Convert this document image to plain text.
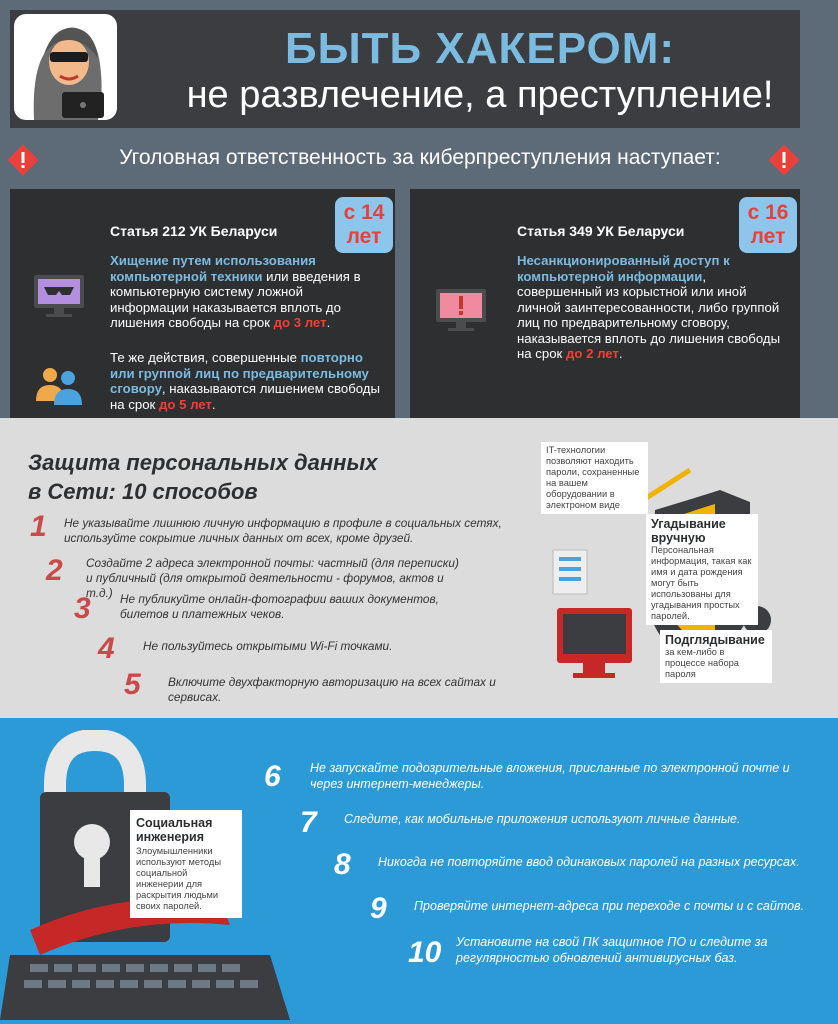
БЫТЬ ХАКЕРОМ:
не развлечение, а преступление!
Уголовная ответственность за киберпреступления наступает:
Статья 212 УК Беларуси
с 14
лет
Хищение путем использования компьютерной техники или введения в компьютерную систему ложной информации наказывается вплоть до лишения свободы на срок до 3 лет.
Те же действия, совершенные повторно или группой лиц по предварительному сговору, наказываются лишением свободы на срок до 5 лет.
Статья 349 УК Беларуси
с 16
лет
Несанкционированный доступ к компьютерной информации, совершенный из корыстной или иной личной заинтересованности, либо группой лиц по предварительному сговору, наказывается вплоть до лишения свободы на срок до 2 лет.
Защита персональных данных
в Сети: 10 способов
1 Не указывайте лишнюю личную информацию в профиле в социальных сетях, используйте сокрытие личных данных от всех, кроме друзей.
2 Создайте 2 адреса электронной почты: частный (для переписки) и публичный (для открытой деятельности - форумов, актов и т.д.)
3 Не публикуйте онлайн-фотографии ваших документов, билетов и платежных чеков.
4 Не пользуйтесь открытыми Wi-Fi точками.
5 Включите двухфакторную авторизацию на всех сайтах и сервисах.
IT-технологии позволяют находить пароли, сохраненные на вашем оборудовании в электроном виде
Угадывание вручную
Персональная информация, такая как имя и дата рождения могут быть использованы для угадывания простых паролей.
Подглядывание
за кем-либо в процессе набора пароля
Социальная инженерия
Злоумышленники используют методы социальной инженерии для раскрытия людьми своих паролей.
6 Не запускайте подозрительные вложения, присланные по электронной почте и через интернет-менеджеры.
7 Следите, как мобильные приложения используют личные данные.
8 Никогда не повторяйте ввод одинаковых паролей на разных ресурсах.
9 Проверяйте интернет-адреса при переходе с почты и с сайтов.
10 Установите на свой ПК защитное ПО и следите за регулярностью обновлений антивирусных баз.
